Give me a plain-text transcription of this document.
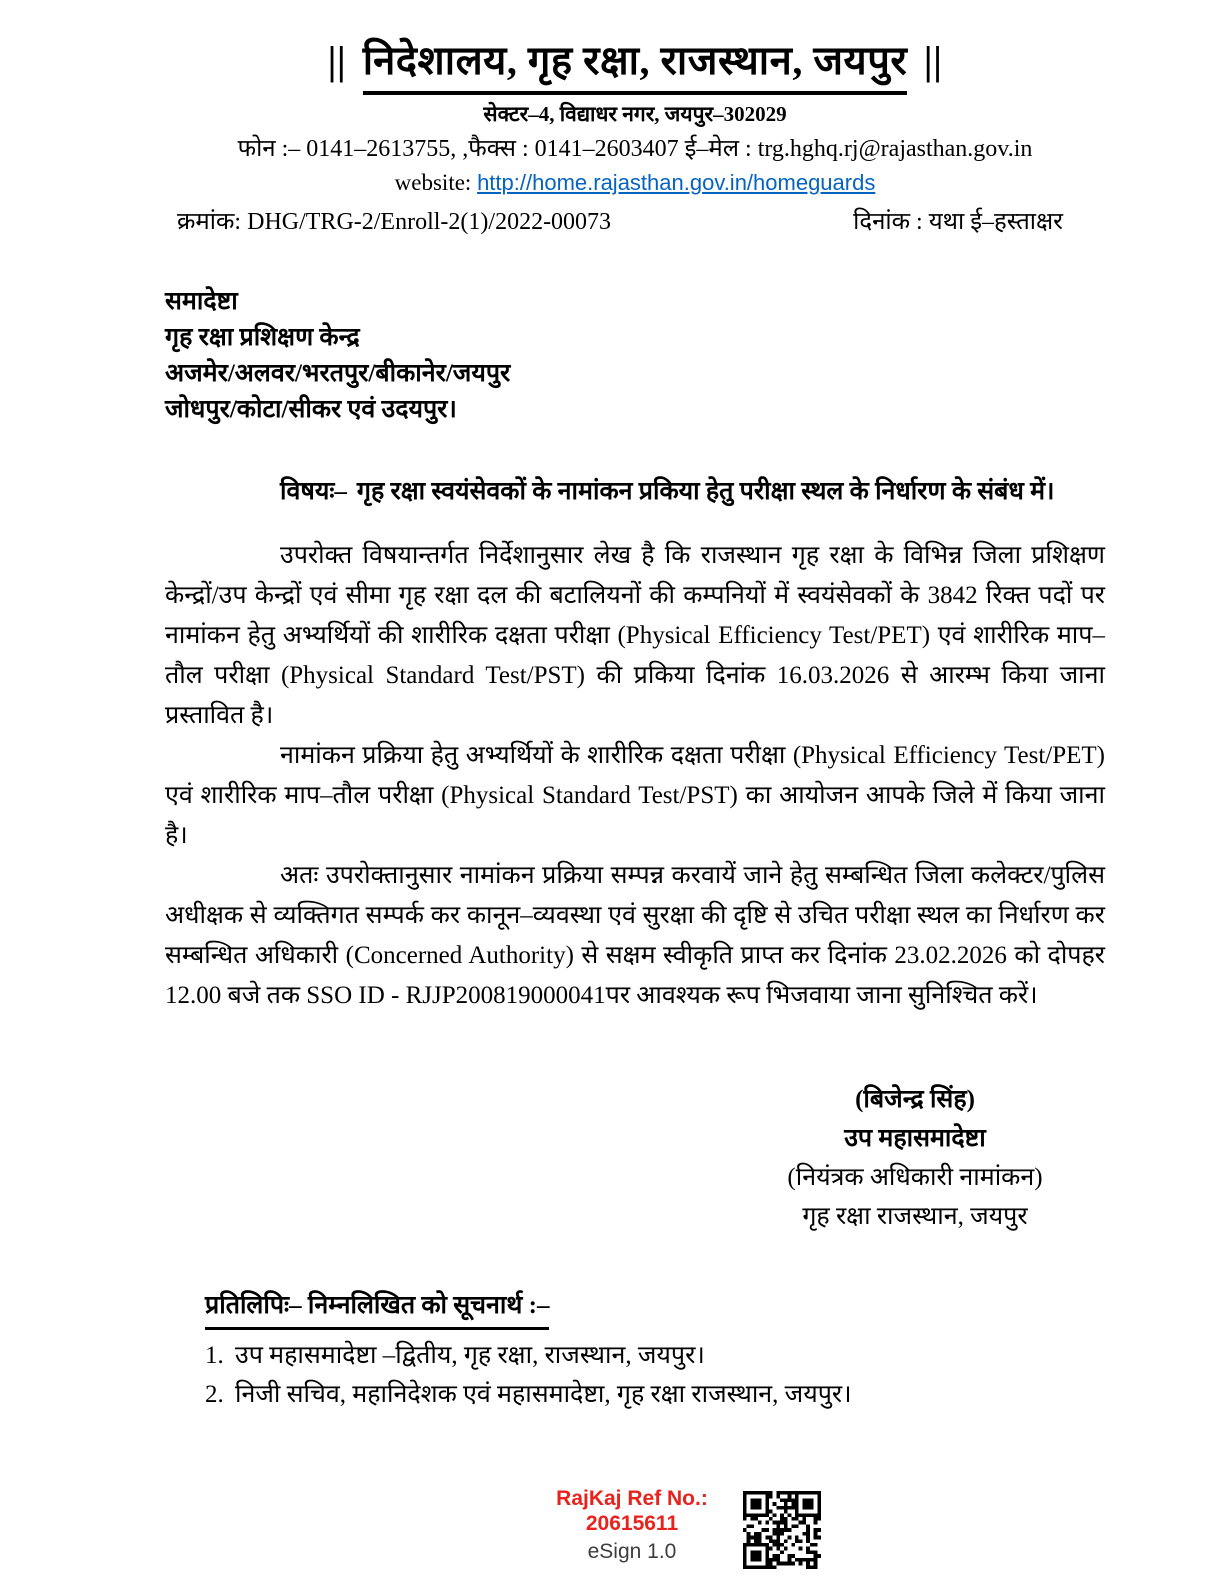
|| निदेशालय, गृह रक्षा, राजस्थान, जयपुर ||
सेक्टर–4, विद्याधर नगर, जयपुर–302029
फोन :– 0141–2613755, ,फैक्स : 0141–2603407 ई–मेल : trg.hghq.rj@rajasthan.gov.in
website: http://home.rajasthan.gov.in/homeguards
क्रमांक: DHG/TRG-2/Enroll-2(1)/2022-00073	दिनांक : यथा ई–हस्ताक्षर
समादेष्टा
गृह रक्षा प्रशिक्षण केन्द्र
अजमेर/अलवर/भरतपुर/बीकानेर/जयपुर
जोधपुर/कोटा/सीकर एवं उदयपुर।
विषयः– गृह रक्षा स्वयंसेवकों के नामांकन प्रकिया हेतु परीक्षा स्थल के निर्धारण के संबंध में।

उपरोक्त विषयान्तर्गत निर्देशानुसार लेख है कि राजस्थान गृह रक्षा के विभिन्न जिला प्रशिक्षण केन्द्रों/उप केन्द्रों एवं सीमा गृह रक्षा दल की बटालियनों की कम्पनियों में स्वयंसेवकों के 3842 रिक्त पदों पर नामांकन हेतु अभ्यर्थियों की शारीरिक दक्षता परीक्षा (Physical Efficiency Test/PET) एवं शारीरिक माप–तौल परीक्षा (Physical Standard Test/PST) की प्रकिया दिनांक 16.03.2026 से आरम्भ किया जाना प्रस्तावित है।

नामांकन प्रक्रिया हेतु अभ्यर्थियों के शारीरिक दक्षता परीक्षा (Physical Efficiency Test/PET) एवं शारीरिक माप–तौल परीक्षा (Physical Standard Test/PST) का आयोजन आपके जिले में किया जाना है।

अतः उपरोक्तानुसार नामांकन प्रक्रिया सम्पन्न करवायें जाने हेतु सम्बन्धित जिला कलेक्टर/पुलिस अधीक्षक से व्यक्तिगत सम्पर्क कर कानून–व्यवस्था एवं सुरक्षा की दृष्टि से उचित परीक्षा स्थल का निर्धारण कर सम्बन्धित अधिकारी (Concerned Authority) से सक्षम स्वीकृति प्राप्त कर दिनांक 23.02.2026 को दोपहर 12.00 बजे तक SSO ID - RJJP200819000041पर आवश्यक रूप भिजवाया जाना सुनिश्चित करें।

(बिजेन्द्र सिंह)
उप महासमादेष्टा
(नियंत्रक अधिकारी नामांकन)
गृह रक्षा राजस्थान, जयपुर
प्रतिलिपिः– निम्नलिखित को सूचनार्थ :–
1. उप महासमादेष्टा –द्वितीय, गृह रक्षा, राजस्थान, जयपुर।
2. निजी सचिव, महानिदेशक एवं महासमादेष्टा, गृह रक्षा राजस्थान, जयपुर।
RajKaj Ref No.:
20615611
eSign 1.0
